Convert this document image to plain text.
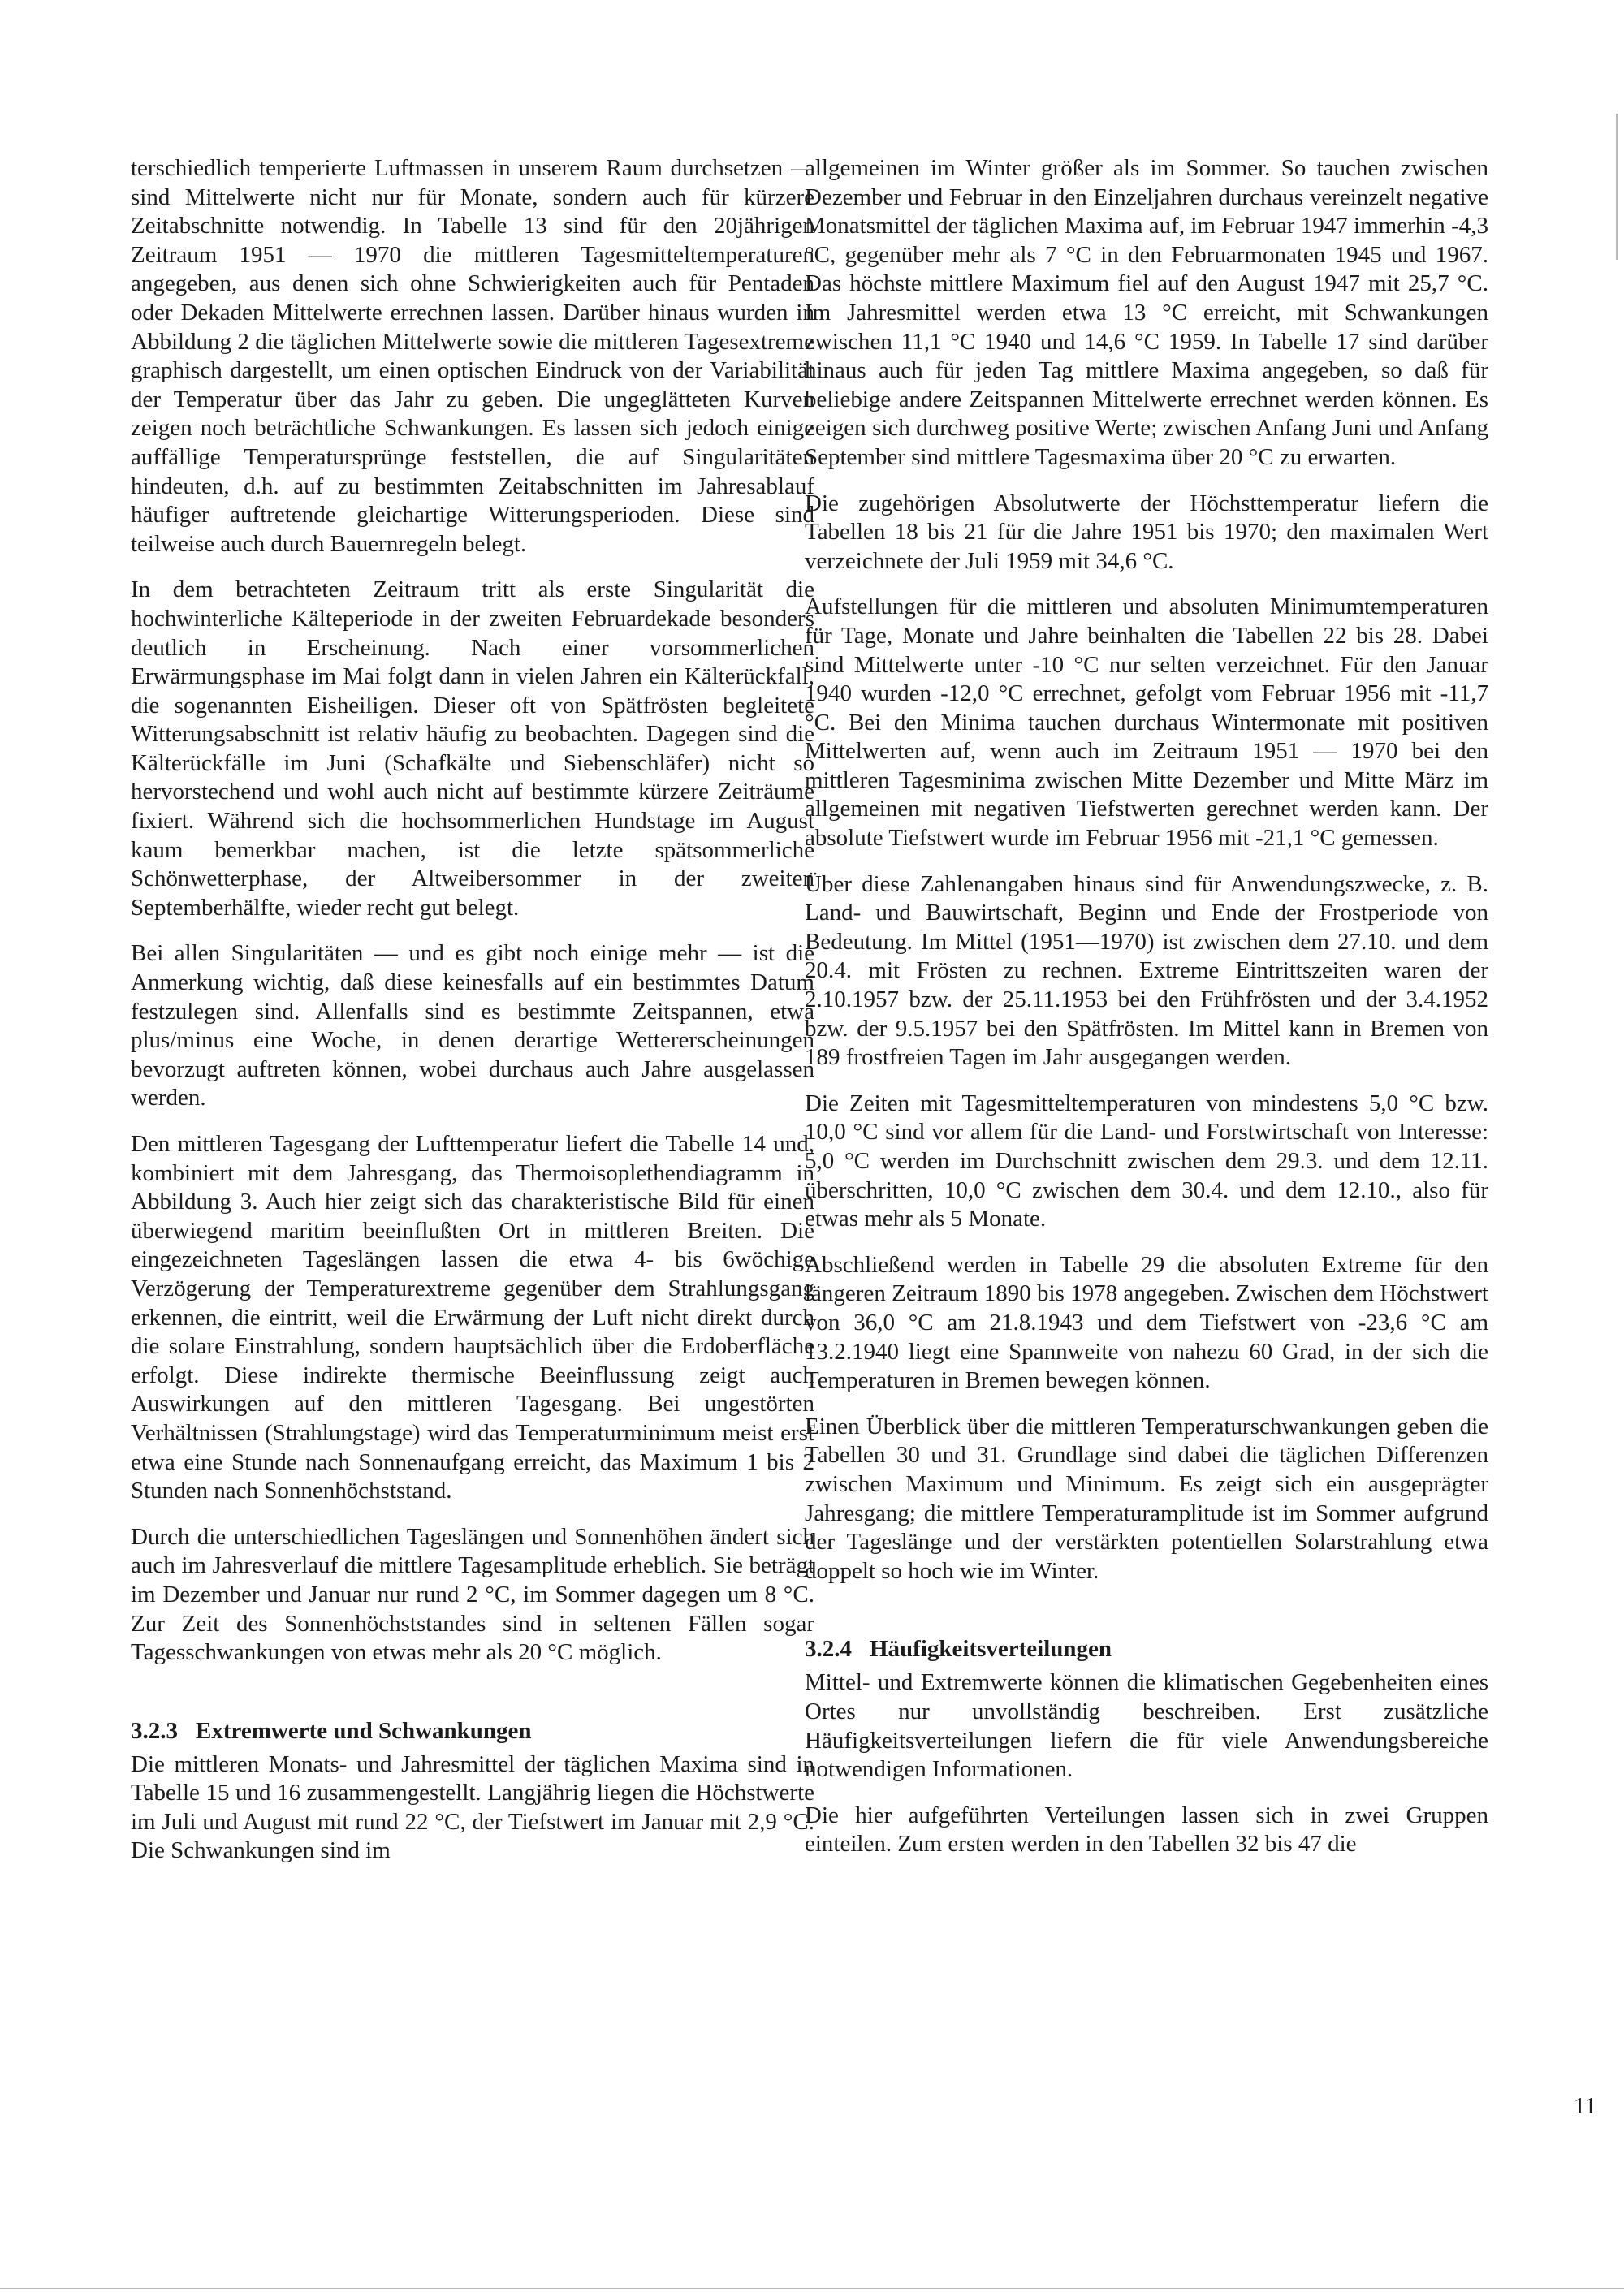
terschiedlich temperierte Luftmassen in unserem Raum durchsetzen — sind Mittelwerte nicht nur für Monate, sondern auch für kürzere Zeitabschnitte notwendig. In Tabelle 13 sind für den 20jährigen Zeitraum 1951 — 1970 die mittleren Tagesmitteltemperaturen angegeben, aus denen sich ohne Schwierigkeiten auch für Pentaden oder Dekaden Mittelwerte errechnen lassen. Darüber hinaus wurden in Abbildung 2 die täglichen Mittelwerte sowie die mittleren Tagesextreme graphisch dargestellt, um einen optischen Eindruck von der Variabilität der Temperatur über das Jahr zu geben. Die ungeglätteten Kurven zeigen noch beträchtliche Schwankungen. Es lassen sich jedoch einige auffällige Temperatursprünge feststellen, die auf Singularitäten hindeuten, d.h. auf zu bestimmten Zeitabschnitten im Jahresablauf häufiger auftretende gleichartige Witterungsperioden. Diese sind teilweise auch durch Bauernregeln belegt.

In dem betrachteten Zeitraum tritt als erste Singularität die hochwinterliche Kälteperiode in der zweiten Februardekade besonders deutlich in Erscheinung. Nach einer vorsommerlichen Erwärmungsphase im Mai folgt dann in vielen Jahren ein Kälterückfall, die sogenannten Eisheiligen. Dieser oft von Spätfrösten begleitete Witterungsabschnitt ist relativ häufig zu beobachten. Dagegen sind die Kälterückfälle im Juni (Schafkälte und Siebenschläfer) nicht so hervorstechend und wohl auch nicht auf bestimmte kürzere Zeiträume fixiert. Während sich die hochsommerlichen Hundstage im August kaum bemerkbar machen, ist die letzte spätsommerliche Schönwetterphase, der Altweibersommer in der zweiten Septemberhälfte, wieder recht gut belegt.

Bei allen Singularitäten — und es gibt noch einige mehr — ist die Anmerkung wichtig, daß diese keinesfalls auf ein bestimmtes Datum festzulegen sind. Allenfalls sind es bestimmte Zeitspannen, etwa plus/minus eine Woche, in denen derartige Wettererscheinungen bevorzugt auftreten können, wobei durchaus auch Jahre ausgelassen werden.

Den mittleren Tagesgang der Lufttemperatur liefert die Tabelle 14 und, kombiniert mit dem Jahresgang, das Thermoisoplethendiagramm in Abbildung 3. Auch hier zeigt sich das charakteristische Bild für einen überwiegend maritim beeinflußten Ort in mittleren Breiten. Die eingezeichneten Tageslängen lassen die etwa 4- bis 6wöchige Verzögerung der Temperaturextreme gegenüber dem Strahlungsgang erkennen, die eintritt, weil die Erwärmung der Luft nicht direkt durch die solare Einstrahlung, sondern hauptsächlich über die Erdoberfläche erfolgt. Diese indirekte thermische Beeinflussung zeigt auch Auswirkungen auf den mittleren Tagesgang. Bei ungestörten Verhältnissen (Strahlungstage) wird das Temperaturminimum meist erst etwa eine Stunde nach Sonnenaufgang erreicht, das Maximum 1 bis 2 Stunden nach Sonnenhöchststand.

Durch die unterschiedlichen Tageslängen und Sonnenhöhen ändert sich auch im Jahresverlauf die mittlere Tagesamplitude erheblich. Sie beträgt im Dezember und Januar nur rund 2 °C, im Sommer dagegen um 8 °C. Zur Zeit des Sonnenhöchststandes sind in seltenen Fällen sogar Tagesschwankungen von etwas mehr als 20 °C möglich.

3.2.3 Extremwerte und Schwankungen

Die mittleren Monats- und Jahresmittel der täglichen Maxima sind in Tabelle 15 und 16 zusammengestellt. Langjährig liegen die Höchstwerte im Juli und August mit rund 22 °C, der Tiefstwert im Januar mit 2,9 °C. Die Schwankungen sind im

allgemeinen im Winter größer als im Sommer. So tauchen zwischen Dezember und Februar in den Einzeljahren durchaus vereinzelt negative Monatsmittel der täglichen Maxima auf, im Februar 1947 immerhin -4,3 °C, gegenüber mehr als 7 °C in den Februarmonaten 1945 und 1967. Das höchste mittlere Maximum fiel auf den August 1947 mit 25,7 °C. Im Jahresmittel werden etwa 13 °C erreicht, mit Schwankungen zwischen 11,1 °C 1940 und 14,6 °C 1959. In Tabelle 17 sind darüber hinaus auch für jeden Tag mittlere Maxima angegeben, so daß für beliebige andere Zeitspannen Mittelwerte errechnet werden können. Es zeigen sich durchweg positive Werte; zwischen Anfang Juni und Anfang September sind mittlere Tagesmaxima über 20 °C zu erwarten.

Die zugehörigen Absolutwerte der Höchsttemperatur liefern die Tabellen 18 bis 21 für die Jahre 1951 bis 1970; den maximalen Wert verzeichnete der Juli 1959 mit 34,6 °C.

Aufstellungen für die mittleren und absoluten Minimumtemperaturen für Tage, Monate und Jahre beinhalten die Tabellen 22 bis 28. Dabei sind Mittelwerte unter -10 °C nur selten verzeichnet. Für den Januar 1940 wurden -12,0 °C errechnet, gefolgt vom Februar 1956 mit -11,7 °C. Bei den Minima tauchen durchaus Wintermonate mit positiven Mittelwerten auf, wenn auch im Zeitraum 1951 — 1970 bei den mittleren Tagesminima zwischen Mitte Dezember und Mitte März im allgemeinen mit negativen Tiefstwerten gerechnet werden kann. Der absolute Tiefstwert wurde im Februar 1956 mit -21,1 °C gemessen.

Über diese Zahlenangaben hinaus sind für Anwendungszwecke, z. B. Land- und Bauwirtschaft, Beginn und Ende der Frostperiode von Bedeutung. Im Mittel (1951—1970) ist zwischen dem 27.10. und dem 20.4. mit Frösten zu rechnen. Extreme Eintrittszeiten waren der 2.10.1957 bzw. der 25.11.1953 bei den Frühfrösten und der 3.4.1952 bzw. der 9.5.1957 bei den Spätfrösten. Im Mittel kann in Bremen von 189 frostfreien Tagen im Jahr ausgegangen werden.

Die Zeiten mit Tagesmitteltemperaturen von mindestens 5,0 °C bzw. 10,0 °C sind vor allem für die Land- und Forstwirtschaft von Interesse: 5,0 °C werden im Durchschnitt zwischen dem 29.3. und dem 12.11. überschritten, 10,0 °C zwischen dem 30.4. und dem 12.10., also für etwas mehr als 5 Monate.

Abschließend werden in Tabelle 29 die absoluten Extreme für den längeren Zeitraum 1890 bis 1978 angegeben. Zwischen dem Höchstwert von 36,0 °C am 21.8.1943 und dem Tiefstwert von -23,6 °C am 13.2.1940 liegt eine Spannweite von nahezu 60 Grad, in der sich die Temperaturen in Bremen bewegen können.

Einen Überblick über die mittleren Temperaturschwankungen geben die Tabellen 30 und 31. Grundlage sind dabei die täglichen Differenzen zwischen Maximum und Minimum. Es zeigt sich ein ausgeprägter Jahresgang; die mittlere Temperaturamplitude ist im Sommer aufgrund der Tageslänge und der verstärkten potentiellen Solarstrahlung etwa doppelt so hoch wie im Winter.

3.2.4 Häufigkeitsverteilungen

Mittel- und Extremwerte können die klimatischen Gegebenheiten eines Ortes nur unvollständig beschreiben. Erst zusätzliche Häufigkeitsverteilungen liefern die für viele Anwendungsbereiche notwendigen Informationen.

Die hier aufgeführten Verteilungen lassen sich in zwei Gruppen einteilen. Zum ersten werden in den Tabellen 32 bis 47 die

11
